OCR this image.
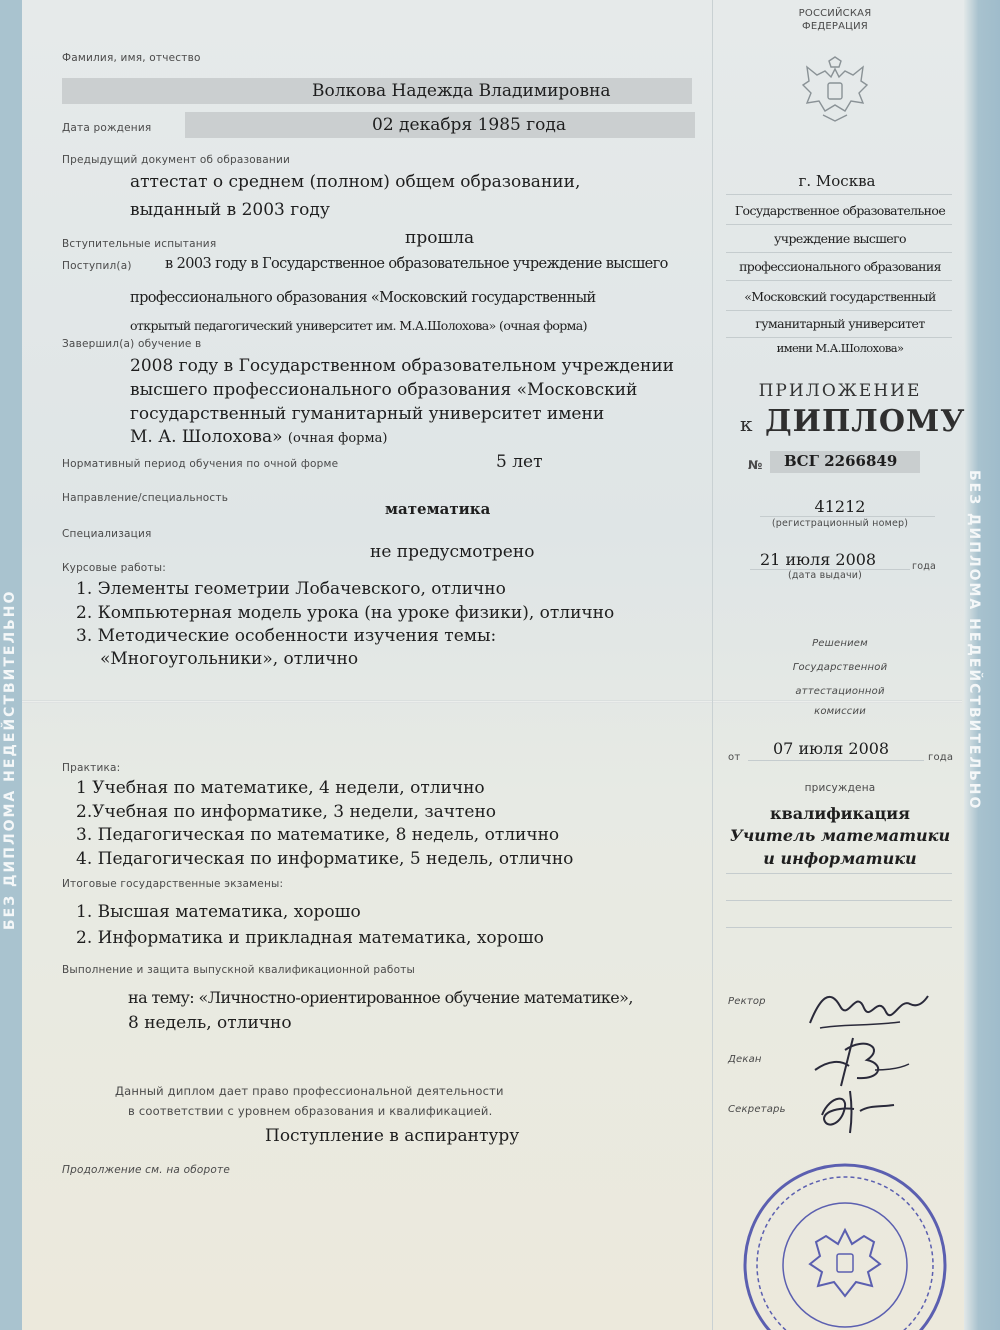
БЕЗ ДИПЛОМА НЕДЕЙСТВИТЕЛЬНО	БЕЗ ДИПЛОМА НЕДЕЙСТВИТЕЛЬНО
Фамилия, имя, отчество
Волкова Надежда Владимировна
Дата рождения	02 декабря 1985 года
Предыдущий документ об образовании
аттестат о среднем (полном) общем образовании,
выданный в 2003 году
Вступительные испытания	прошла
Поступил(а) в 2003 году в Государственное образовательное учреждение высшего
профессионального образования «Московский государственный
открытый педагогический университет им. М.А.Шолохова» (очная форма)
Завершил(а) обучение в
2008 году в Государственном образовательном учреждении
высшего профессионального образования «Московский
государственный гуманитарный университет имени
М. А. Шолохова» (очная форма)
Нормативный период обучения по очной форме	5 лет
Направление/специальность
математика
Специализация
не предусмотрено
Курсовые работы:
1. Элементы геометрии Лобачевского, отлично
2. Компьютерная модель урока (на уроке физики), отлично
3. Методические особенности изучения темы:
«Многоугольники», отлично
Практика:
1 Учебная по математике, 4 недели, отлично
2.Учебная по информатике, 3 недели, зачтено
3. Педагогическая по математике, 8 недель, отлично
4. Педагогическая по информатике, 5 недель, отлично
Итоговые государственные экзамены:
1. Высшая математика, хорошо
2. Информатика и прикладная математика, хорошо
Выполнение и защита выпускной квалификационной работы
на тему: «Личностно-ориентированное обучение математике»,
8 недель, отлично
Данный диплом дает право профессиональной деятельности
в соответствии с уровнем образования и квалификацией.
Поступление в аспирантуру
Продолжение см. на обороте
РОССИЙСКАЯ
ФЕДЕРАЦИЯ
г. Москва
Государственное образовательное
учреждение высшего
профессионального образования
«Московский государственный
гуманитарный университет
имени М.А.Шолохова»
ПРИЛОЖЕНИЕ
к ДИПЛОМУ
№ ВСГ 2266849
41212
(регистрационный номер)
21 июля 2008	года
(дата выдачи)
Решением
Государственной
аттестационной
комиссии
от 07 июля 2008	года
присуждена
квалификация
Учитель математики
и информатики
Ректор
Декан
Секретарь
